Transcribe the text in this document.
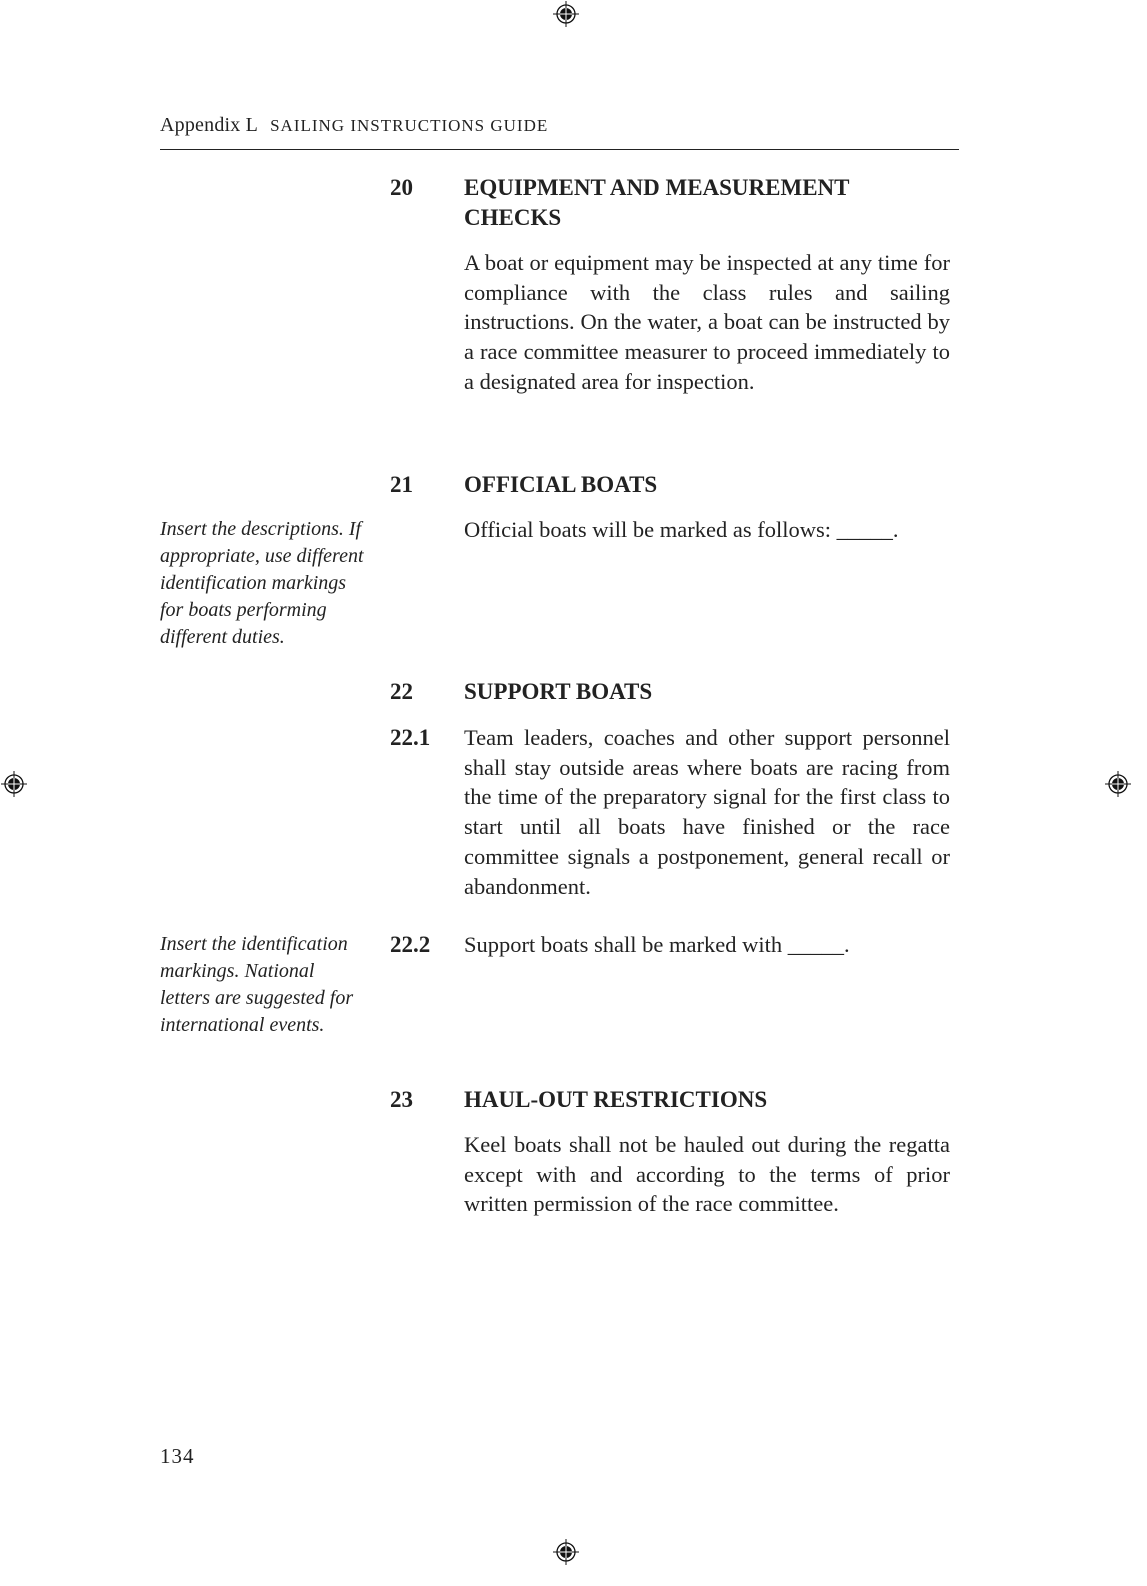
Appendix L SAILING INSTRUCTIONS GUIDE
20 EQUIPMENT AND MEASUREMENT
CHECKS
A boat or equipment may be inspected at any time for compliance with the class rules and sailing instructions. On the water, a boat can be instructed by a race committee measurer to proceed immediately to a designated area for inspection.
21 OFFICIAL BOATS
Official boats will be marked as follows: _____.
Insert the descriptions. If appropriate, use different identification markings for boats performing different duties.
22 SUPPORT BOATS
22.1 Team leaders, coaches and other support personnel shall stay outside areas where boats are racing from the time of the preparatory signal for the first class to start until all boats have finished or the race committee signals a postponement, general recall or abandonment.
22.2 Support boats shall be marked with _____.
Insert the identification markings. National letters are suggested for international events.
23 HAUL-OUT RESTRICTIONS
Keel boats shall not be hauled out during the regatta except with and according to the terms of prior written permission of the race committee.
134
